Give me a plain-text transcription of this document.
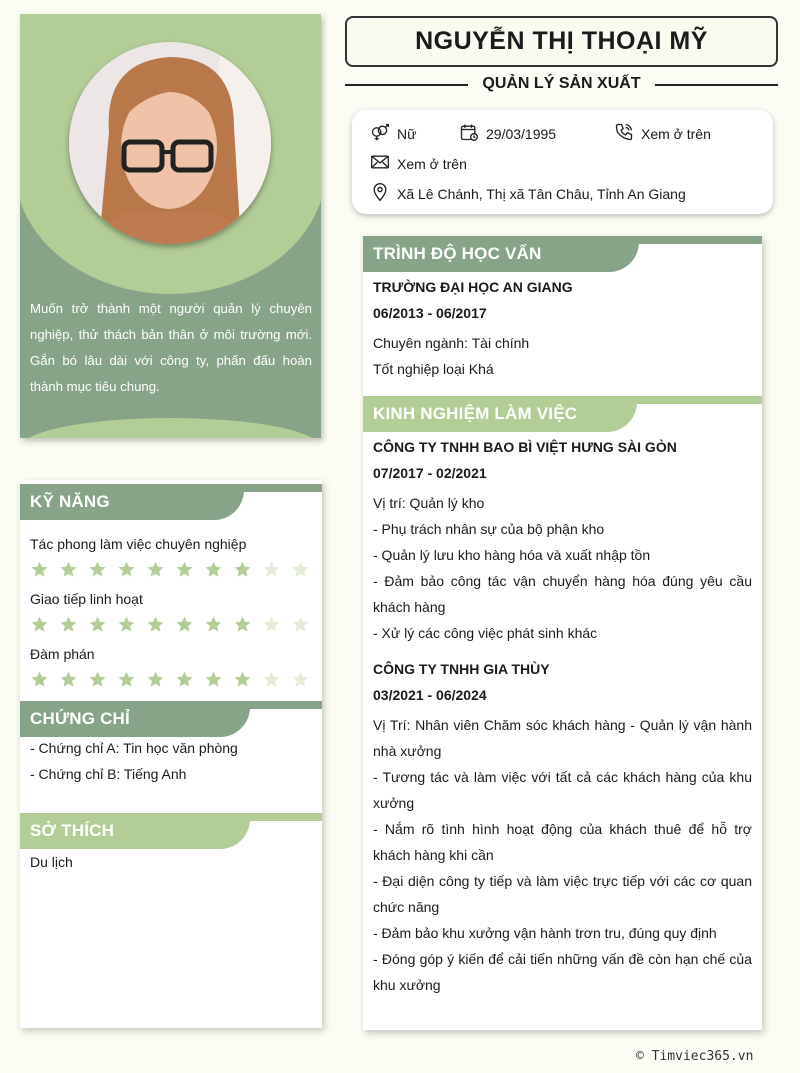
Muốn trở thành một người quản lý chuyên nghiệp, thử thách bản thân ở môi trường mới. Gắn bó lâu dài với công ty, phấn đấu hoàn thành mục tiêu chung.
KỸ NĂNG
Tác phong làm việc chuyên nghiệp
Giao tiếp linh hoạt
Đàm phán
CHỨNG CHỈ
- Chứng chỉ A: Tin học văn phòng
- Chứng chỉ B: Tiếng Anh
SỞ THÍCH
Du lịch
NGUYỄN THỊ THOẠI MỸ
QUẢN LÝ SẢN XUẤT
Nữ	29/03/1995	Xem ở trên
Xem ở trên
Xã Lê Chánh, Thị xã Tân Châu, Tỉnh An Giang
TRÌNH ĐỘ HỌC VẤN
TRƯỜNG ĐẠI HỌC AN GIANG
06/2013 - 06/2017
Chuyên ngành: Tài chính
Tốt nghiệp loại Khá
KINH NGHIỆM LÀM VIỆC
CÔNG TY TNHH BAO BÌ VIỆT HƯNG SÀI GÒN
07/2017 - 02/2021
Vị trí: Quản lý kho
- Phụ trách nhân sự của bộ phận kho
- Quản lý lưu kho hàng hóa và xuất nhập tồn
- Đảm bảo công tác vận chuyển hàng hóa đúng yêu cầu khách hàng
- Xử lý các công việc phát sinh khác
CÔNG TY TNHH GIA THÙY
03/2021 - 06/2024
Vị Trí: Nhân viên Chăm sóc khách hàng - Quản lý vận hành nhà xưởng
- Tương tác và làm việc với tất cả các khách hàng của khu xưởng
- Nắm rõ tình hình hoạt động của khách thuê để hỗ trợ khách hàng khi cần
- Đại diện công ty tiếp và làm việc trực tiếp với các cơ quan chức năng
- Đảm bảo khu xưởng vận hành trơn tru, đúng quy định
- Đóng góp ý kiến để cải tiến những vấn đề còn hạn chế của khu xưởng
© Timviec365.vn
